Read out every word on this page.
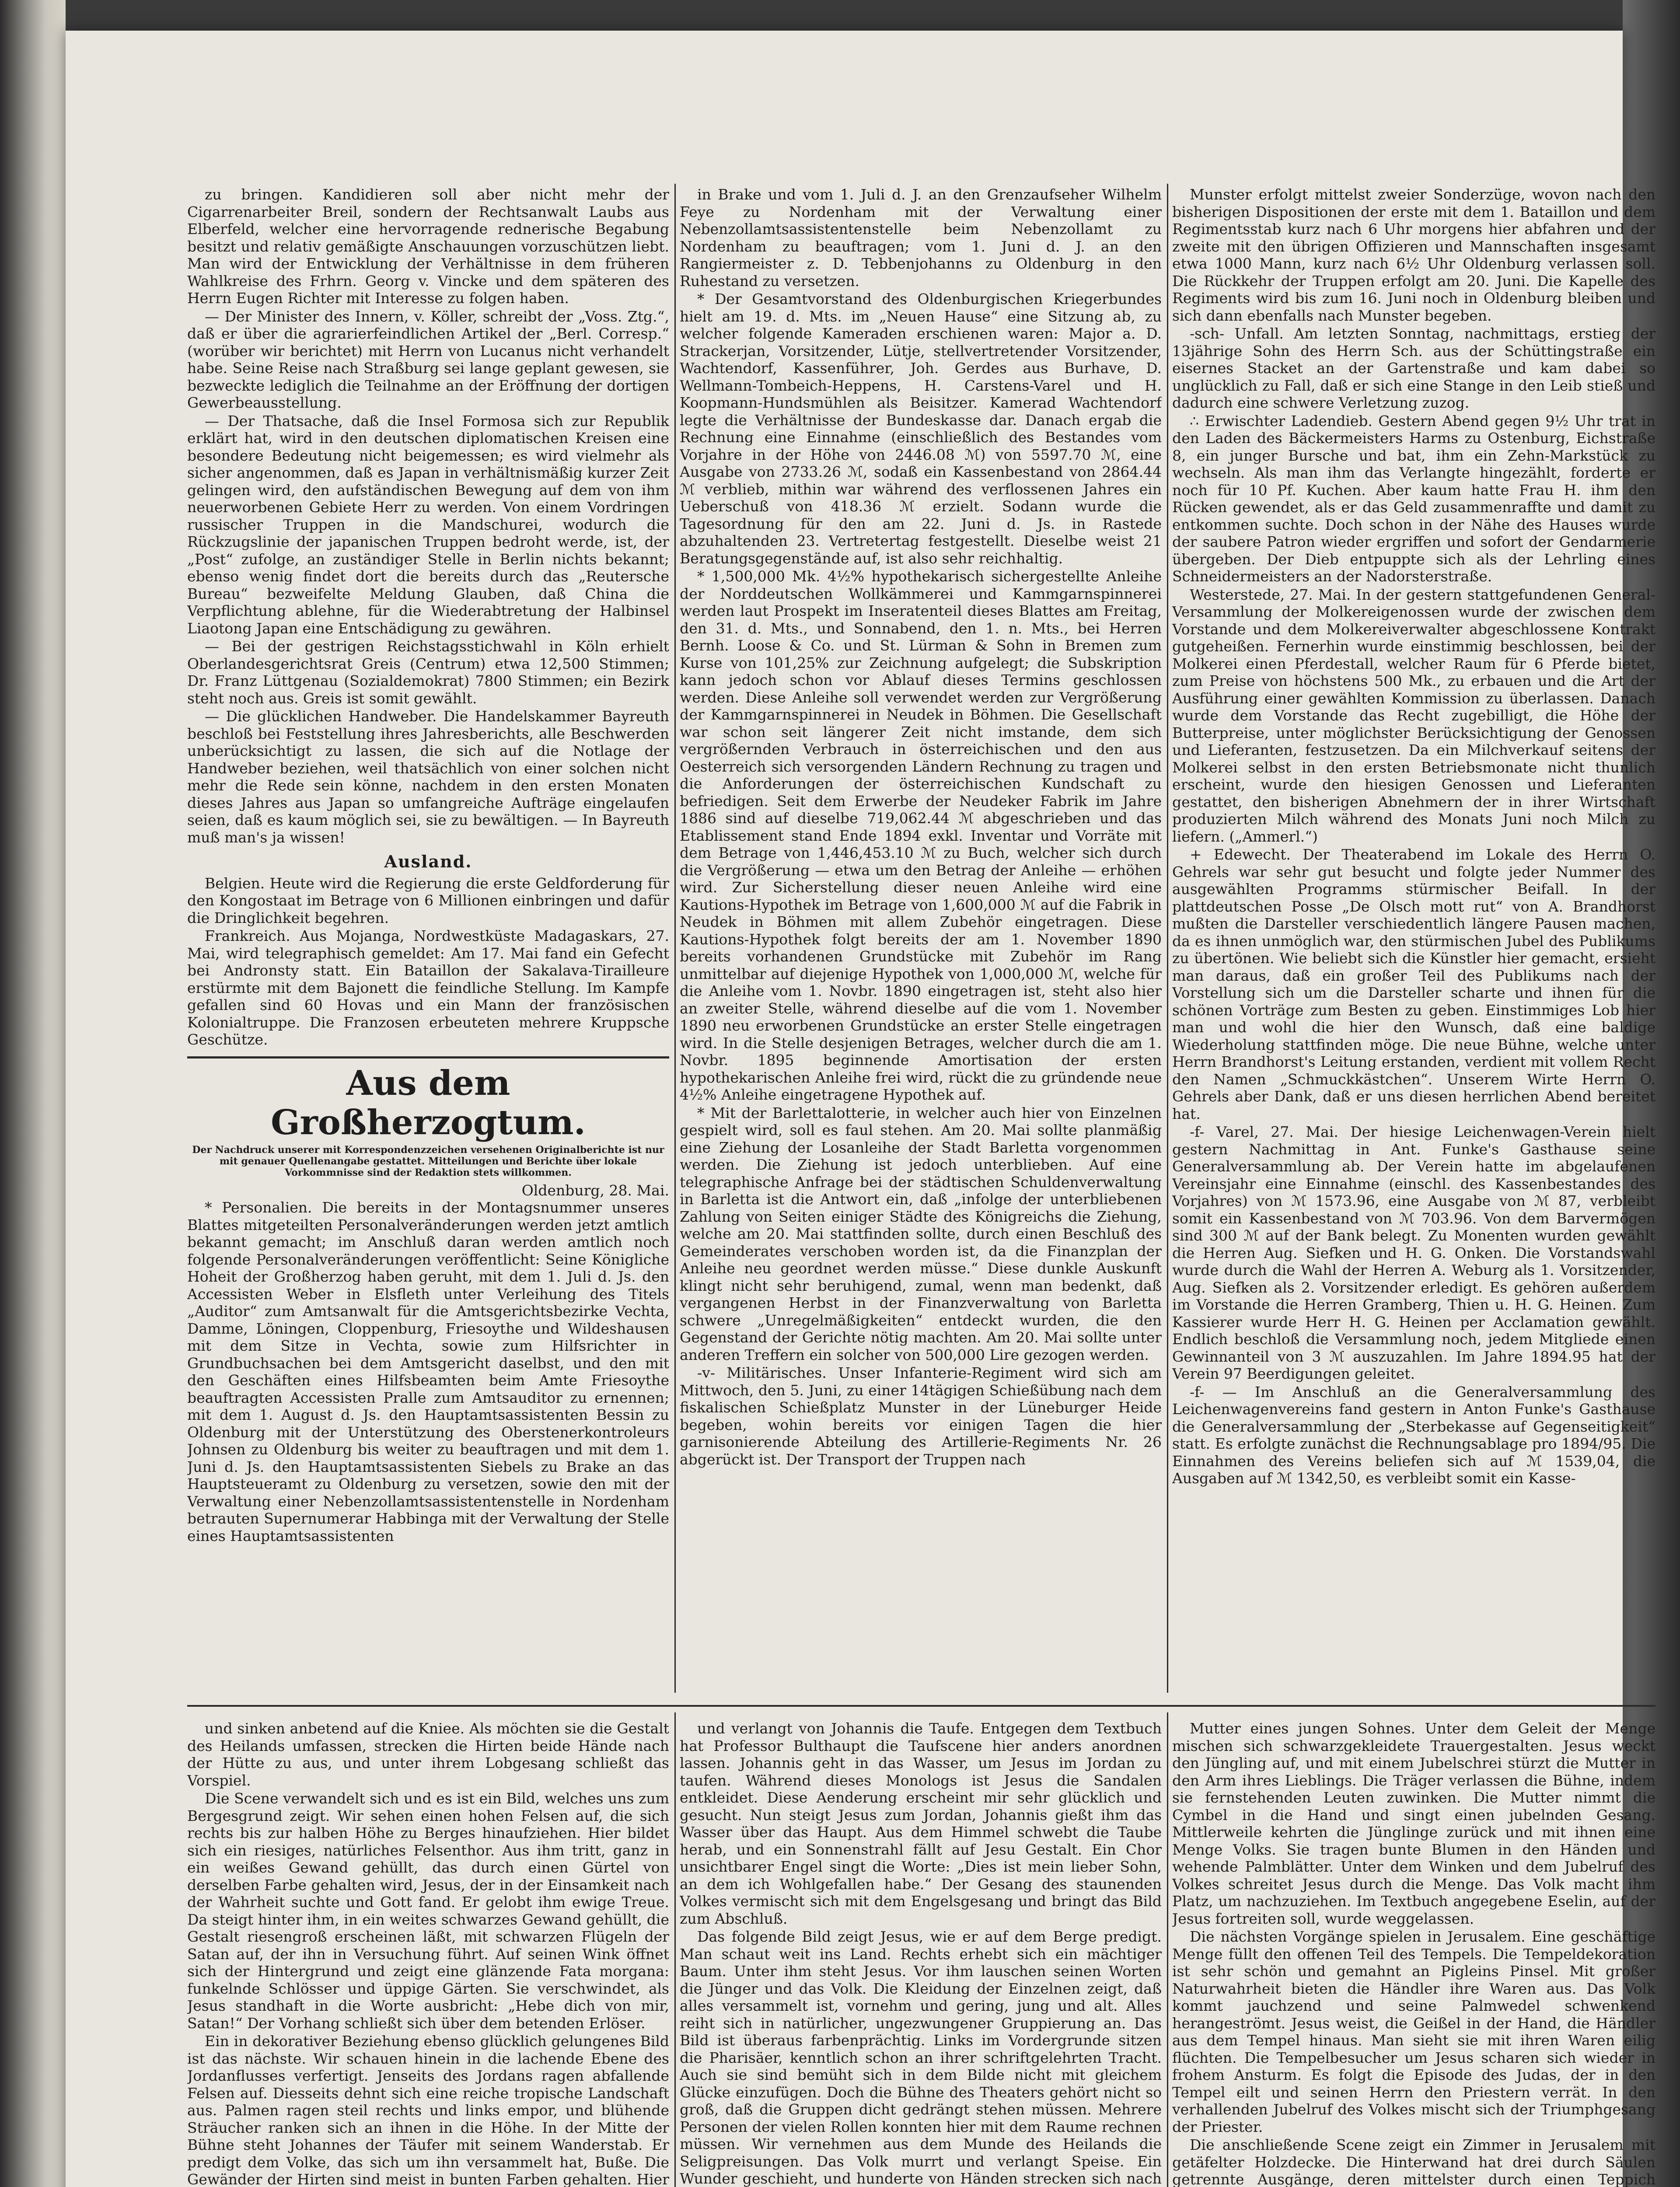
zu bringen. Kandidieren soll aber nicht mehr der Cigarrenarbeiter Breil, sondern der Rechtsanwalt Laubs aus Elberfeld, welcher eine hervorragende rednerische Begabung besitzt und relativ gemäßigte Anschauungen vorzuschützen liebt. Man wird der Entwicklung der Verhältnisse in dem früheren Wahlkreise des Frhrn. Georg v. Vincke und dem späteren des Herrn Eugen Richter mit Interesse zu folgen haben.

— Der Minister des Innern, v. Köller, schreibt der „Voss. Ztg.“, daß er über die agrarierfeindlichen Artikel der „Berl. Corresp.“ (worüber wir berichtet) mit Herrn von Lucanus nicht verhandelt habe. Seine Reise nach Straßburg sei lange geplant gewesen, sie bezweckte lediglich die Teilnahme an der Eröffnung der dortigen Gewerbeausstellung.

— Der Thatsache, daß die Insel Formosa sich zur Republik erklärt hat, wird in den deutschen diplomatischen Kreisen eine besondere Bedeutung nicht beigemessen; es wird vielmehr als sicher angenommen, daß es Japan in verhältnismäßig kurzer Zeit gelingen wird, den aufständischen Bewegung auf dem von ihm neuerworbenen Gebiete Herr zu werden. Von einem Vordringen russischer Truppen in die Mandschurei, wodurch die Rückzugslinie der japanischen Truppen bedroht werde, ist, der „Post“ zufolge, an zuständiger Stelle in Berlin nichts bekannt; ebenso wenig findet dort die bereits durch das „Reutersche Bureau“ bezweifelte Meldung Glauben, daß China die Verpflichtung ablehne, für die Wiederabtretung der Halbinsel Liaotong Japan eine Entschädigung zu gewähren.

— Bei der gestrigen Reichstagsstichwahl in Köln erhielt Oberlandesgerichtsrat Greis (Centrum) etwa 12,500 Stimmen; Dr. Franz Lüttgenau (Sozialdemokrat) 7800 Stimmen; ein Bezirk steht noch aus. Greis ist somit gewählt.

— Die glücklichen Handweber. Die Handelskammer Bayreuth beschloß bei Feststellung ihres Jahresberichts, alle Beschwerden unberücksichtigt zu lassen, die sich auf die Notlage der Handweber beziehen, weil thatsächlich von einer solchen nicht mehr die Rede sein könne, nachdem in den ersten Monaten dieses Jahres aus Japan so umfangreiche Aufträge eingelaufen seien, daß es kaum möglich sei, sie zu bewältigen. — In Bayreuth muß man's ja wissen!

Ausland.

Belgien. Heute wird die Regierung die erste Geldforderung für den Kongostaat im Betrage von 6 Millionen einbringen und dafür die Dringlichkeit begehren.

Frankreich. Aus Mojanga, Nordwestküste Madagaskars, 27. Mai, wird telegraphisch gemeldet: Am 17. Mai fand ein Gefecht bei Andronsty statt. Ein Bataillon der Sakalava-Tirailleure erstürmte mit dem Bajonett die feindliche Stellung. Im Kampfe gefallen sind 60 Hovas und ein Mann der französischen Kolonialtruppe. Die Franzosen erbeuteten mehrere Kruppsche Geschütze.

Aus dem Großherzogtum.
Der Nachdruck unserer mit Korrespondenzzeichen versehenen Originalberichte ist nur mit genauer Quellenangabe gestattet. Mitteilungen und Berichte über lokale Vorkommnisse sind der Redaktion stets willkommen.
Oldenburg, 28. Mai.

* Personalien. Die bereits in der Montagsnummer unseres Blattes mitgeteilten Personalveränderungen werden jetzt amtlich bekannt gemacht; im Anschluß daran werden amtlich noch folgende Personalveränderungen veröffentlicht: Seine Königliche Hoheit der Großherzog haben geruht, mit dem 1. Juli d. Js. den Accessisten Weber in Elsfleth unter Verleihung des Titels „Auditor“ zum Amtsanwalt für die Amtsgerichtsbezirke Vechta, Damme, Löningen, Cloppenburg, Friesoythe und Wildeshausen mit dem Sitze in Vechta, sowie zum Hilfsrichter in Grundbuchsachen bei dem Amtsgericht daselbst, und den mit den Geschäften eines Hilfsbeamten beim Amte Friesoythe beauftragten Accessisten Pralle zum Amtsauditor zu ernennen; mit dem 1. August d. Js. den Hauptamtsassistenten Bessin zu Oldenburg mit der Unterstützung des Oberstenerkontroleurs Johnsen zu Oldenburg bis weiter zu beauftragen und mit dem 1. Juni d. Js. den Hauptamtsassistenten Siebels zu Brake an das Hauptsteueramt zu Oldenburg zu versetzen, sowie den mit der Verwaltung einer Nebenzollamtsassistentenstelle in Nordenham betrauten Supernumerar Habbinga mit der Verwaltung der Stelle eines Hauptamtsassistenten

in Brake und vom 1. Juli d. J. an den Grenzaufseher Wilhelm Feye zu Nordenham mit der Verwaltung einer Nebenzollamtsassistentenstelle beim Nebenzollamt zu Nordenham zu beauftragen; vom 1. Juni d. J. an den Rangiermeister z. D. Tebbenjohanns zu Oldenburg in den Ruhestand zu versetzen.

* Der Gesamtvorstand des Oldenburgischen Kriegerbundes hielt am 19. d. Mts. im „Neuen Hause“ eine Sitzung ab, zu welcher folgende Kameraden erschienen waren: Major a. D. Strackerjan, Vorsitzender, Lütje, stellvertretender Vorsitzender, Wachtendorf, Kassenführer, Joh. Gerdes aus Burhave, D. Wellmann-Tombeich-Heppens, H. Carstens-Varel und H. Koopmann-Hundsmühlen als Beisitzer. Kamerad Wachtendorf legte die Verhältnisse der Bundeskasse dar. Danach ergab die Rechnung eine Einnahme (einschließlich des Bestandes vom Vorjahre in der Höhe von 2446.08 ℳ) von 5597.70 ℳ, eine Ausgabe von 2733.26 ℳ, sodaß ein Kassenbestand von 2864.44 ℳ verblieb, mithin war während des verflossenen Jahres ein Ueberschuß von 418.36 ℳ erzielt. Sodann wurde die Tagesordnung für den am 22. Juni d. Js. in Rastede abzuhaltenden 23. Vertretertag festgestellt. Dieselbe weist 21 Beratungsgegenstände auf, ist also sehr reichhaltig.

* 1,500,000 Mk. 4½% hypothekarisch sichergestellte Anleihe der Norddeutschen Wollkämmerei und Kammgarnspinnerei werden laut Prospekt im Inseratenteil dieses Blattes am Freitag, den 31. d. Mts., und Sonnabend, den 1. n. Mts., bei Herren Bernh. Loose & Co. und St. Lürman & Sohn in Bremen zum Kurse von 101,25% zur Zeichnung aufgelegt; die Subskription kann jedoch schon vor Ablauf dieses Termins geschlossen werden. Diese Anleihe soll verwendet werden zur Vergrößerung der Kammgarnspinnerei in Neudek in Böhmen. Die Gesellschaft war schon seit längerer Zeit nicht imstande, dem sich vergrößernden Verbrauch in österreichischen und den aus Oesterreich sich versorgenden Ländern Rechnung zu tragen und die Anforderungen der österreichischen Kundschaft zu befriedigen. Seit dem Erwerbe der Neudeker Fabrik im Jahre 1886 sind auf dieselbe 719,062.44 ℳ abgeschrieben und das Etablissement stand Ende 1894 exkl. Inventar und Vorräte mit dem Betrage von 1,446,453.10 ℳ zu Buch, welcher sich durch die Vergrößerung — etwa um den Betrag der Anleihe — erhöhen wird. Zur Sicherstellung dieser neuen Anleihe wird eine Kautions-Hypothek im Betrage von 1,600,000 ℳ auf die Fabrik in Neudek in Böhmen mit allem Zubehör eingetragen. Diese Kautions-Hypothek folgt bereits der am 1. November 1890 bereits vorhandenen Grundstücke mit Zubehör im Rang unmittelbar auf diejenige Hypothek von 1,000,000 ℳ, welche für die Anleihe vom 1. Novbr. 1890 eingetragen ist, steht also hier an zweiter Stelle, während dieselbe auf die vom 1. November 1890 neu erworbenen Grundstücke an erster Stelle eingetragen wird. In die Stelle desjenigen Betrages, welcher durch die am 1. Novbr. 1895 beginnende Amortisation der ersten hypothekarischen Anleihe frei wird, rückt die zu gründende neue 4½% Anleihe eingetragene Hypothek auf.

* Mit der Barlettalotterie, in welcher auch hier von Einzelnen gespielt wird, soll es faul stehen. Am 20. Mai sollte planmäßig eine Ziehung der Losanleihe der Stadt Barletta vorgenommen werden. Die Ziehung ist jedoch unterblieben. Auf eine telegraphische Anfrage bei der städtischen Schuldenverwaltung in Barletta ist die Antwort ein, daß „infolge der unterbliebenen Zahlung von Seiten einiger Städte des Königreichs die Ziehung, welche am 20. Mai stattfinden sollte, durch einen Beschluß des Gemeinderates verschoben worden ist, da die Finanzplan der Anleihe neu geordnet werden müsse.“ Diese dunkle Auskunft klingt nicht sehr beruhigend, zumal, wenn man bedenkt, daß vergangenen Herbst in der Finanzverwaltung von Barletta schwere „Unregelmäßigkeiten“ entdeckt wurden, die den Gegenstand der Gerichte nötig machten. Am 20. Mai sollte unter anderen Treffern ein solcher von 500,000 Lire gezogen werden.

-v- Militärisches. Unser Infanterie-Regiment wird sich am Mittwoch, den 5. Juni, zu einer 14tägigen Schießübung nach dem fiskalischen Schießplatz Munster in der Lüneburger Heide begeben, wohin bereits vor einigen Tagen die hier garnisonierende Abteilung des Artillerie-Regiments Nr. 26 abgerückt ist. Der Transport der Truppen nach

Munster erfolgt mittelst zweier Sonderzüge, wovon nach den bisherigen Dispositionen der erste mit dem 1. Bataillon und dem Regimentsstab kurz nach 6 Uhr morgens hier abfahren und der zweite mit den übrigen Offizieren und Mannschaften insgesamt etwa 1000 Mann, kurz nach 6½ Uhr Oldenburg verlassen soll. Die Rückkehr der Truppen erfolgt am 20. Juni. Die Kapelle des Regiments wird bis zum 16. Juni noch in Oldenburg bleiben und sich dann ebenfalls nach Munster begeben.

-sch- Unfall. Am letzten Sonntag, nachmittags, erstieg der 13jährige Sohn des Herrn Sch. aus der Schüttingstraße ein eisernes Stacket an der Gartenstraße und kam dabei so unglücklich zu Fall, daß er sich eine Stange in den Leib stieß und dadurch eine schwere Verletzung zuzog.

∴ Erwischter Ladendieb. Gestern Abend gegen 9½ Uhr trat in den Laden des Bäckermeisters Harms zu Ostenburg, Eichstraße 8, ein junger Bursche und bat, ihm ein Zehn-Markstück zu wechseln. Als man ihm das Verlangte hingezählt, forderte er noch für 10 Pf. Kuchen. Aber kaum hatte Frau H. ihm den Rücken gewendet, als er das Geld zusammenraffte und damit zu entkommen suchte. Doch schon in der Nähe des Hauses wurde der saubere Patron wieder ergriffen und sofort der Gendarmerie übergeben. Der Dieb entpuppte sich als der Lehrling eines Schneidermeisters an der Nadorsterstraße.

Westerstede, 27. Mai. In der gestern stattgefundenen General-Versammlung der Molkereigenossen wurde der zwischen dem Vorstande und dem Molkereiverwalter abgeschlossene Kontrakt gutgeheißen. Fernerhin wurde einstimmig beschlossen, bei der Molkerei einen Pferdestall, welcher Raum für 6 Pferde bietet, zum Preise von höchstens 500 Mk., zu erbauen und die Art der Ausführung einer gewählten Kommission zu überlassen. Danach wurde dem Vorstande das Recht zugebilligt, die Höhe der Butterpreise, unter möglichster Berücksichtigung der Genossen und Lieferanten, festzusetzen. Da ein Milchverkauf seitens der Molkerei selbst in den ersten Betriebsmonate nicht thunlich erscheint, wurde den hiesigen Genossen und Lieferanten gestattet, den bisherigen Abnehmern der in ihrer Wirtschaft produzierten Milch während des Monats Juni noch Milch zu liefern. („Ammerl.“)

+ Edewecht. Der Theaterabend im Lokale des Herrn O. Gehrels war sehr gut besucht und folgte jeder Nummer des ausgewählten Programms stürmischer Beifall. In der plattdeutschen Posse „De Olsch mott rut“ von A. Brandhorst mußten die Darsteller verschiedentlich längere Pausen machen, da es ihnen unmöglich war, den stürmischen Jubel des Publikums zu übertönen. Wie beliebt sich die Künstler hier gemacht, ersieht man daraus, daß ein großer Teil des Publikums nach der Vorstellung sich um die Darsteller scharte und ihnen für die schönen Vorträge zum Besten zu geben. Einstimmiges Lob hier man und wohl die hier den Wunsch, daß eine baldige Wiederholung stattfinden möge. Die neue Bühne, welche unter Herrn Brandhorst's Leitung erstanden, verdient mit vollem Recht den Namen „Schmuckkästchen“. Unserem Wirte Herrn O. Gehrels aber Dank, daß er uns diesen herrlichen Abend bereitet hat.

-f- Varel, 27. Mai. Der hiesige Leichenwagen-Verein hielt gestern Nachmittag in Ant. Funke's Gasthause seine Generalversammlung ab. Der Verein hatte im abgelaufenen Vereinsjahr eine Einnahme (einschl. des Kassenbestandes des Vorjahres) von ℳ 1573.96, eine Ausgabe von ℳ 87, verbleibt somit ein Kassenbestand von ℳ 703.96. Von dem Barvermögen sind 300 ℳ auf der Bank belegt. Zu Monenten wurden gewählt die Herren Aug. Siefken und H. G. Onken. Die Vorstandswahl wurde durch die Wahl der Herren A. Weburg als 1. Vorsitzender, Aug. Siefken als 2. Vorsitzender erledigt. Es gehören außerdem im Vorstande die Herren Gramberg, Thien u. H. G. Heinen. Zum Kassierer wurde Herr H. G. Heinen per Acclamation gewählt. Endlich beschloß die Versammlung noch, jedem Mitgliede einen Gewinnanteil von 3 ℳ auszuzahlen. Im Jahre 1894.95 hat der Verein 97 Beerdigungen geleitet.

-f- — Im Anschluß an die Generalversammlung des Leichenwagenvereins fand gestern in Anton Funke's Gasthause die Generalversammlung der „Sterbekasse auf Gegenseitigkeit“ statt. Es erfolgte zunächst die Rechnungsablage pro 1894/95. Die Einnahmen des Vereins beliefen sich auf ℳ 1539,04, die Ausgaben auf ℳ 1342,50, es verbleibt somit ein Kasse-

und sinken anbetend auf die Kniee. Als möchten sie die Gestalt des Heilands umfassen, strecken die Hirten beide Hände nach der Hütte zu aus, und unter ihrem Lobgesang schließt das Vorspiel.

Die Scene verwandelt sich und es ist ein Bild, welches uns zum Bergesgrund zeigt. Wir sehen einen hohen Felsen auf, die sich rechts bis zur halben Höhe zu Berges hinaufziehen. Hier bildet sich ein riesiges, natürliches Felsenthor. Aus ihm tritt, ganz in ein weißes Gewand gehüllt, das durch einen Gürtel von derselben Farbe gehalten wird, Jesus, der in der Einsamkeit nach der Wahrheit suchte und Gott fand. Er gelobt ihm ewige Treue. Da steigt hinter ihm, in ein weites schwarzes Gewand gehüllt, die Gestalt riesengroß erscheinen läßt, mit schwarzen Flügeln der Satan auf, der ihn in Versuchung führt. Auf seinen Wink öffnet sich der Hintergrund und zeigt eine glänzende Fata morgana: funkelnde Schlösser und üppige Gärten. Sie verschwindet, als Jesus standhaft in die Worte ausbricht: „Hebe dich von mir, Satan!“ Der Vorhang schließt sich über dem betenden Erlöser.

Ein in dekorativer Beziehung ebenso glücklich gelungenes Bild ist das nächste. Wir schauen hinein in die lachende Ebene des Jordanflusses verfertigt. Jenseits des Jordans ragen abfallende Felsen auf. Diesseits dehnt sich eine reiche tropische Landschaft aus. Palmen ragen steil rechts und links empor, und blühende Sträucher ranken sich an ihnen in die Höhe. In der Mitte der Bühne steht Johannes der Täufer mit seinem Wanderstab. Er predigt dem Volke, das sich um ihn versammelt hat, Buße. Die Gewänder der Hirten sind meist in bunten Farben gehalten. Hier

und verlangt von Johannis die Taufe. Entgegen dem Textbuch hat Professor Bulthaupt die Taufscene hier anders anordnen lassen. Johannis geht in das Wasser, um Jesus im Jordan zu taufen. Während dieses Monologs ist Jesus die Sandalen entkleidet. Diese Aenderung erscheint mir sehr glücklich und gesucht. Nun steigt Jesus zum Jordan, Johannis gießt ihm das Wasser über das Haupt. Aus dem Himmel schwebt die Taube herab, und ein Sonnenstrahl fällt auf Jesu Gestalt. Ein Chor unsichtbarer Engel singt die Worte: „Dies ist mein lieber Sohn, an dem ich Wohlgefallen habe.“ Der Gesang des staunenden Volkes vermischt sich mit dem Engelsgesang und bringt das Bild zum Abschluß.

Das folgende Bild zeigt Jesus, wie er auf dem Berge predigt. Man schaut weit ins Land. Rechts erhebt sich ein mächtiger Baum. Unter ihm steht Jesus. Vor ihm lauschen seinen Worten die Jünger und das Volk. Die Kleidung der Einzelnen zeigt, daß alles versammelt ist, vornehm und gering, jung und alt. Alles reiht sich in natürlicher, ungezwungener Gruppierung an. Das Bild ist überaus farbenprächtig. Links im Vordergrunde sitzen die Pharisäer, kenntlich schon an ihrer schriftgelehrten Tracht. Auch sie sind bemüht sich in dem Bilde nicht mit gleichem Glücke einzufügen. Doch die Bühne des Theaters gehört nicht so groß, daß die Gruppen dicht gedrängt stehen müssen. Mehrere Personen der vielen Rollen konnten hier mit dem Raume rechnen müssen. Wir vernehmen aus dem Munde des Heilands die Seligpreisungen. Das Volk murrt und verlangt Speise. Ein Wunder geschieht, und hunderte von Händen strecken sich nach

Mutter eines jungen Sohnes. Unter dem Geleit der Menge mischen sich schwarzgekleidete Trauergestalten. Jesus weckt den Jüngling auf, und mit einem Jubelschrei stürzt die Mutter in den Arm ihres Lieblings. Die Träger verlassen die Bühne, indem sie fernstehenden Leuten zuwinken. Die Mutter nimmt die Cymbel in die Hand und singt einen jubelnden Gesang. Mittlerweile kehrten die Jünglinge zurück und mit ihnen eine Menge Volks. Sie tragen bunte Blumen in den Händen und wehende Palmblätter. Unter dem Winken und dem Jubelruf des Volkes schreitet Jesus durch die Menge. Das Volk macht ihm Platz, um nachzuziehen. Im Textbuch angegebene Eselin, auf der Jesus fortreiten soll, wurde weggelassen.

Die nächsten Vorgänge spielen in Jerusalem. Eine geschäftige Menge füllt den offenen Teil des Tempels. Die Tempeldekoration ist sehr schön und gemahnt an Pigleins Pinsel. Mit großer Naturwahrheit bieten die Händler ihre Waren aus. Das Volk kommt jauchzend und seine Palmwedel schwenkend herangeströmt. Jesus weist, die Geißel in der Hand, die Händler aus dem Tempel hinaus. Man sieht sie mit ihren Waren eilig flüchten. Die Tempelbesucher um Jesus scharen sich wieder in frohem Ansturm. Es folgt die Episode des Judas, der in den Tempel eilt und seinen Herrn den Priestern verrät. In den verhallenden Jubelruf des Volkes mischt sich der Triumphgesang der Priester.

Die anschließende Scene zeigt ein Zimmer in Jerusalem mit getäfelter Holzdecke. Die Hinterwand hat drei durch Säulen getrennte Ausgänge, deren mittelster durch einen Teppich
